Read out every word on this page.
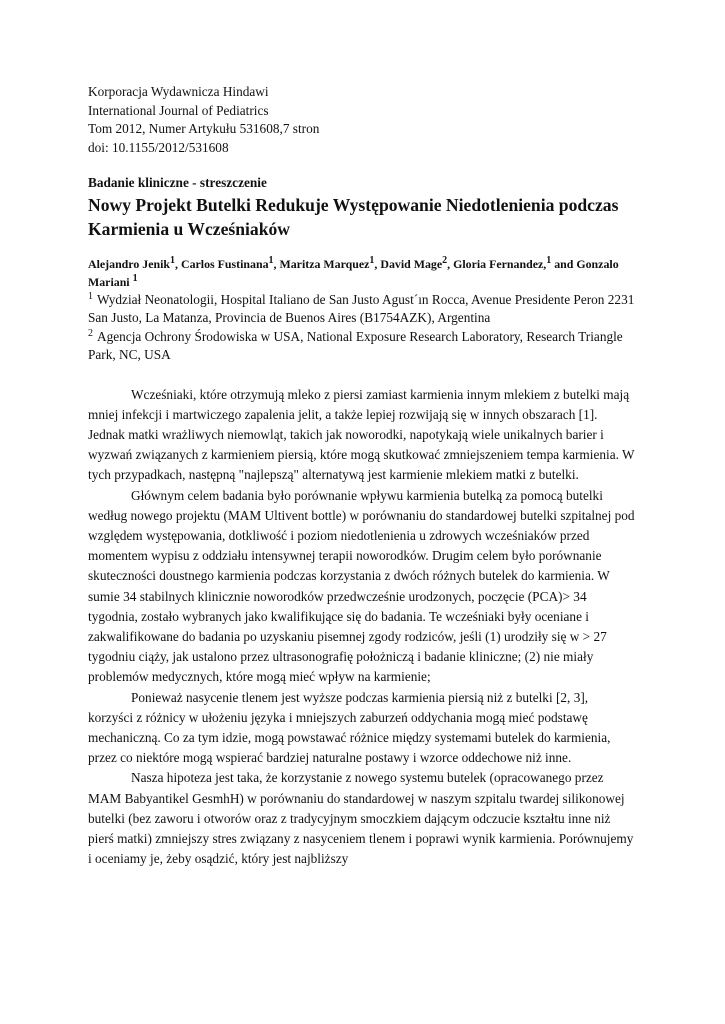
Korporacja Wydawnicza Hindawi
International Journal of Pediatrics
Tom 2012, Numer Artykułu 531608,7 stron
doi: 10.1155/2012/531608
Badanie kliniczne - streszczenie
Nowy Projekt Butelki Redukuje Występowanie Niedotlenienia podczas Karmienia u Wcześniaków
Alejandro Jenik$^1$, Carlos Fustinana$^1$, Maritza Marquez$^1$, David Mage$^2$, Gloria Fernandez,$^1$ and Gonzalo Mariani $^1$
$^1$ Wydział Neonatologii, Hospital Italiano de San Justo Agust´ın Rocca, Avenue Presidente Peron 2231 San Justo, La Matanza, Provincia de Buenos Aires (B1754AZK), Argentina
$^2$ Agencja Ochrony Środowiska w USA, National Exposure Research Laboratory, Research Triangle Park, NC, USA

Wcześniaki, które otrzymują mleko z piersi zamiast karmienia innym mlekiem z butelki mają mniej infekcji i martwiczego zapalenia jelit, a także lepiej rozwijają się w innych obszarach [1]. Jednak matki wrażliwych niemowląt, takich jak noworodki, napotykają wiele unikalnych barier i wyzwań związanych z karmieniem piersią, które mogą skutkować zmniejszeniem tempa karmienia. W tych przypadkach, następną "najlepszą" alternatywą jest karmienie mlekiem matki z butelki.

Głównym celem badania było porównanie wpływu karmienia butelką za pomocą butelki według nowego projektu (MAM Ultivent bottle) w porównaniu do standardowej butelki szpitalnej pod względem występowania, dotkliwość i poziom niedotlenienia u zdrowych wcześniaków przed momentem wypisu z oddziału intensywnej terapii noworodków. Drugim celem było porównanie skuteczności doustnego karmienia podczas korzystania z dwóch różnych butelek do karmienia. W sumie 34 stabilnych klinicznie noworodków przedwcześnie urodzonych, poczęcie (PCA)> 34 tygodnia, zostało wybranych jako kwalifikujące się do badania. Te wcześniaki były oceniane i zakwalifikowane do badania po uzyskaniu pisemnej zgody rodziców, jeśli (1) urodziły się w > 27 tygodniu ciąży, jak ustalono przez ultrasonografię położniczą i badanie kliniczne; (2) nie miały problemów medycznych, które mogą mieć wpływ na karmienie;

Ponieważ nasycenie tlenem jest wyższe podczas karmienia piersią niż z butelki [2, 3], korzyści z różnicy w ułożeniu języka i mniejszych zaburzeń oddychania mogą mieć podstawę mechaniczną. Co za tym idzie, mogą powstawać różnice między systemami butelek do karmienia, przez co niektóre mogą wspierać bardziej naturalne postawy i wzorce oddechowe niż inne.

Nasza hipoteza jest taka, że korzystanie z nowego systemu butelek (opracowanego przez MAM Babyantikel GesmhH) w porównaniu do standardowej w naszym szpitalu twardej silikonowej butelki (bez zaworu i otworów oraz z tradycyjnym smoczkiem dającym odczucie kształtu inne niż pierś matki) zmniejszy stres związany z nasyceniem tlenem i poprawi wynik karmienia. Porównujemy i oceniamy je, żeby osądzić, który jest najbliższy
